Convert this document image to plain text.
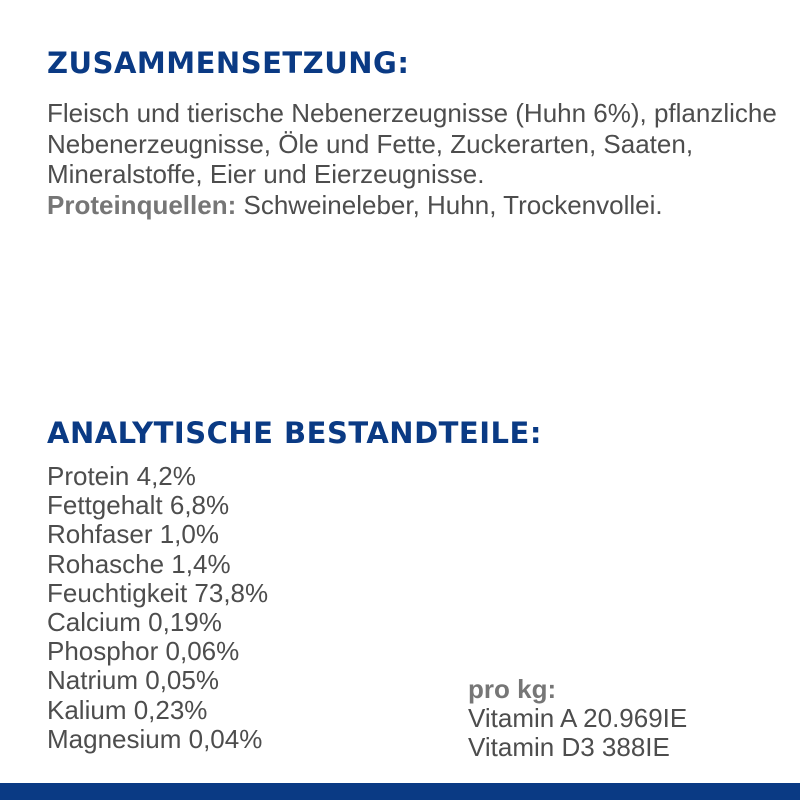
ZUSAMMENSETZUNG:

Fleisch und tierische Nebenerzeugnisse (Huhn 6%), pflanzliche Nebenerzeugnisse, Öle und Fette, Zuckerarten, Saaten, Mineralstoffe, Eier und Eierzeugnisse.

Proteinquellen: Schweineleber, Huhn, Trockenvollei.

ANALYTISCHE BESTANDTEILE:
Protein 4,2%
Fettgehalt 6,8%
Rohfaser 1,0%
Rohasche 1,4%
Feuchtigkeit 73,8%
Calcium 0,19%
Phosphor 0,06%
Natrium 0,05%
Kalium 0,23%
Magnesium 0,04%
pro kg:
Vitamin A 20.969IE
Vitamin D3 388IE
